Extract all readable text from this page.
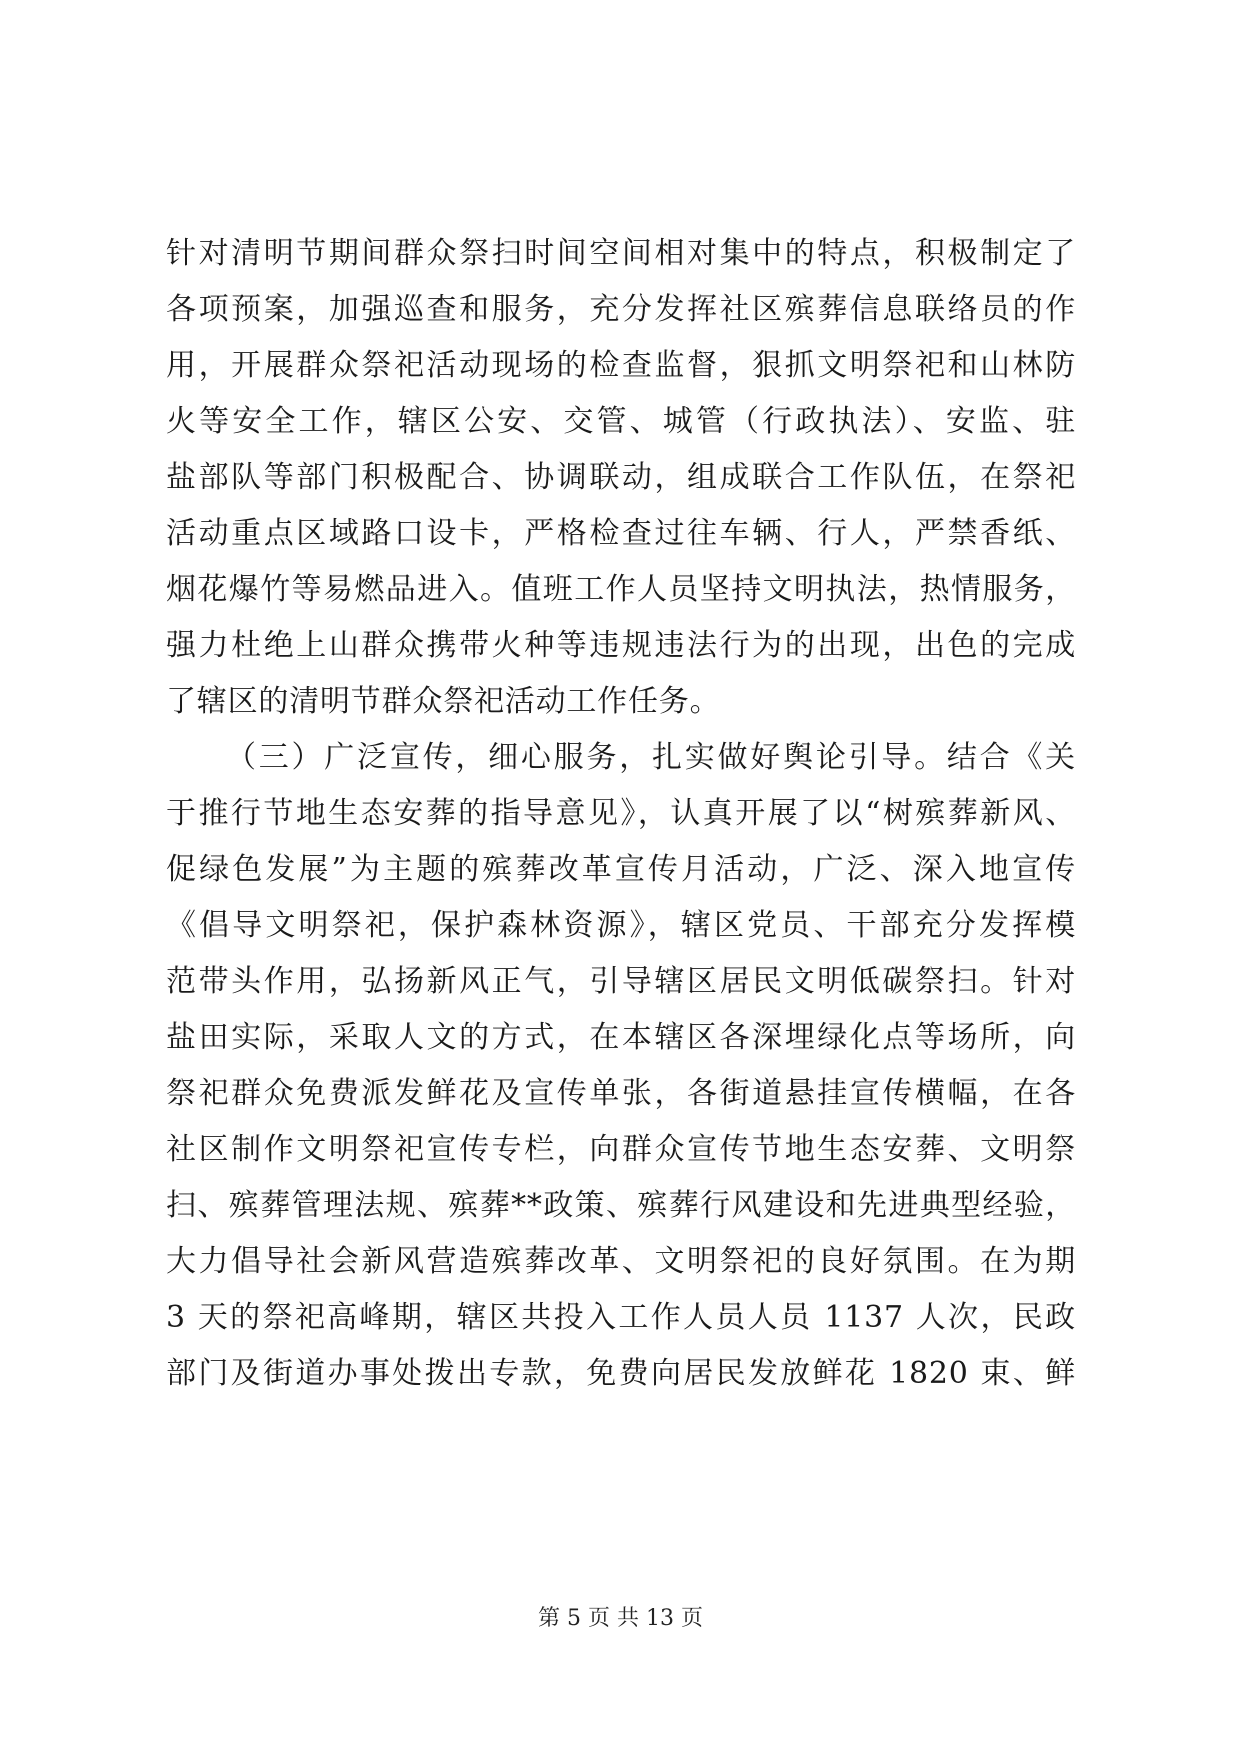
针对清明节期间群众祭扫时间空间相对集中的特点，积极制定了
各项预案，加强巡查和服务，充分发挥社区殡葬信息联络员的作
用，开展群众祭祀活动现场的检查监督，狠抓文明祭祀和山林防
火等安全工作，辖区公安、交管、城管（行政执法）、安监、驻
盐部队等部门积极配合、协调联动，组成联合工作队伍，在祭祀
活动重点区域路口设卡，严格检查过往车辆、行人，严禁香纸、
烟花爆竹等易燃品进入。值班工作人员坚持文明执法，热情服务，
强力杜绝上山群众携带火种等违规违法行为的出现，出色的完成
了辖区的清明节群众祭祀活动工作任务。
（三）广泛宣传，细心服务，扎实做好舆论引导。结合《关
于推行节地生态安葬的指导意见》，认真开展了以“树殡葬新风、
促绿色发展”为主题的殡葬改革宣传月活动，广泛、深入地宣传
《倡导文明祭祀，保护森林资源》，辖区党员、干部充分发挥模
范带头作用，弘扬新风正气，引导辖区居民文明低碳祭扫。针对
盐田实际，采取人文的方式，在本辖区各深埋绿化点等场所，向
祭祀群众免费派发鲜花及宣传单张，各街道悬挂宣传横幅，在各
社区制作文明祭祀宣传专栏，向群众宣传节地生态安葬、文明祭
扫、殡葬管理法规、殡葬**政策、殡葬行风建设和先进典型经验，
大力倡导社会新风营造殡葬改革、文明祭祀的良好氛围。在为期
3 天的祭祀高峰期，辖区共投入工作人员人员 1137 人次，民政
部门及街道办事处拨出专款，免费向居民发放鲜花 1820 束、鲜
第 5 页 共 13 页
